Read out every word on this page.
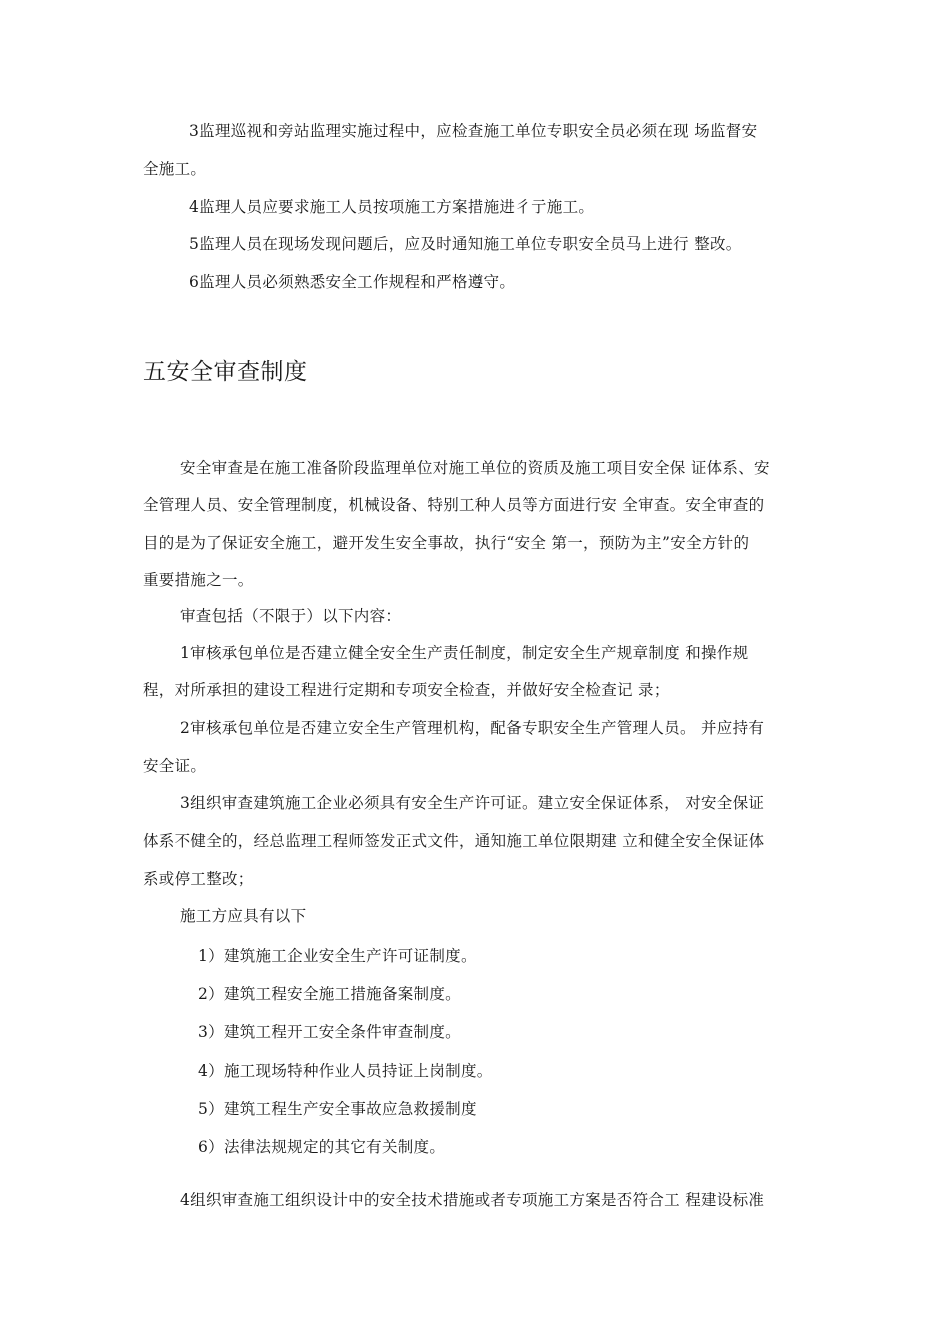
3监理巡视和旁站监理实施过程中，应检查施工单位专职安全员必须在现 场监督安
全施工。
4监理人员应要求施工人员按项施工方案措施进彳亍施工。
5监理人员在现场发现问题后，应及时通知施工单位专职安全员马上进行 整改。
6监理人员必须熟悉安全工作规程和严格遵守。
五安全审查制度
安全审查是在施工准备阶段监理单位对施工单位的资质及施工项目安全保 证体系、安
全管理人员、安全管理制度，机械设备、特别工种人员等方面进行安 全审查。安全审查的
目的是为了保证安全施工，避开发生安全事故，执行“安全 第一，预防为主”安全方针的
重要措施之一。
审查包括（不限于）以下内容：
1审核承包单位是否建立健全安全生产责任制度，制定安全生产规章制度 和操作规
程，对所承担的建设工程进行定期和专项安全检查，并做好安全检查记 录；
2审核承包单位是否建立安全生产管理机构，配备专职安全生产管理人员。 并应持有
安全证。
3组织审查建筑施工企业必须具有安全生产许可证。建立安全保证体系， 对安全保证
体系不健全的，经总监理工程师签发正式文件，通知施工单位限期建 立和健全安全保证体
系或停工整改；
施工方应具有以下
1）建筑施工企业安全生产许可证制度。
2）建筑工程安全施工措施备案制度。
3）建筑工程开工安全条件审查制度。
4）施工现场特种作业人员持证上岗制度。
5）建筑工程生产安全事故应急救援制度
6）法律法规规定的其它有关制度。
4组织审查施工组织设计中的安全技术措施或者专项施工方案是否符合工 程建设标准
